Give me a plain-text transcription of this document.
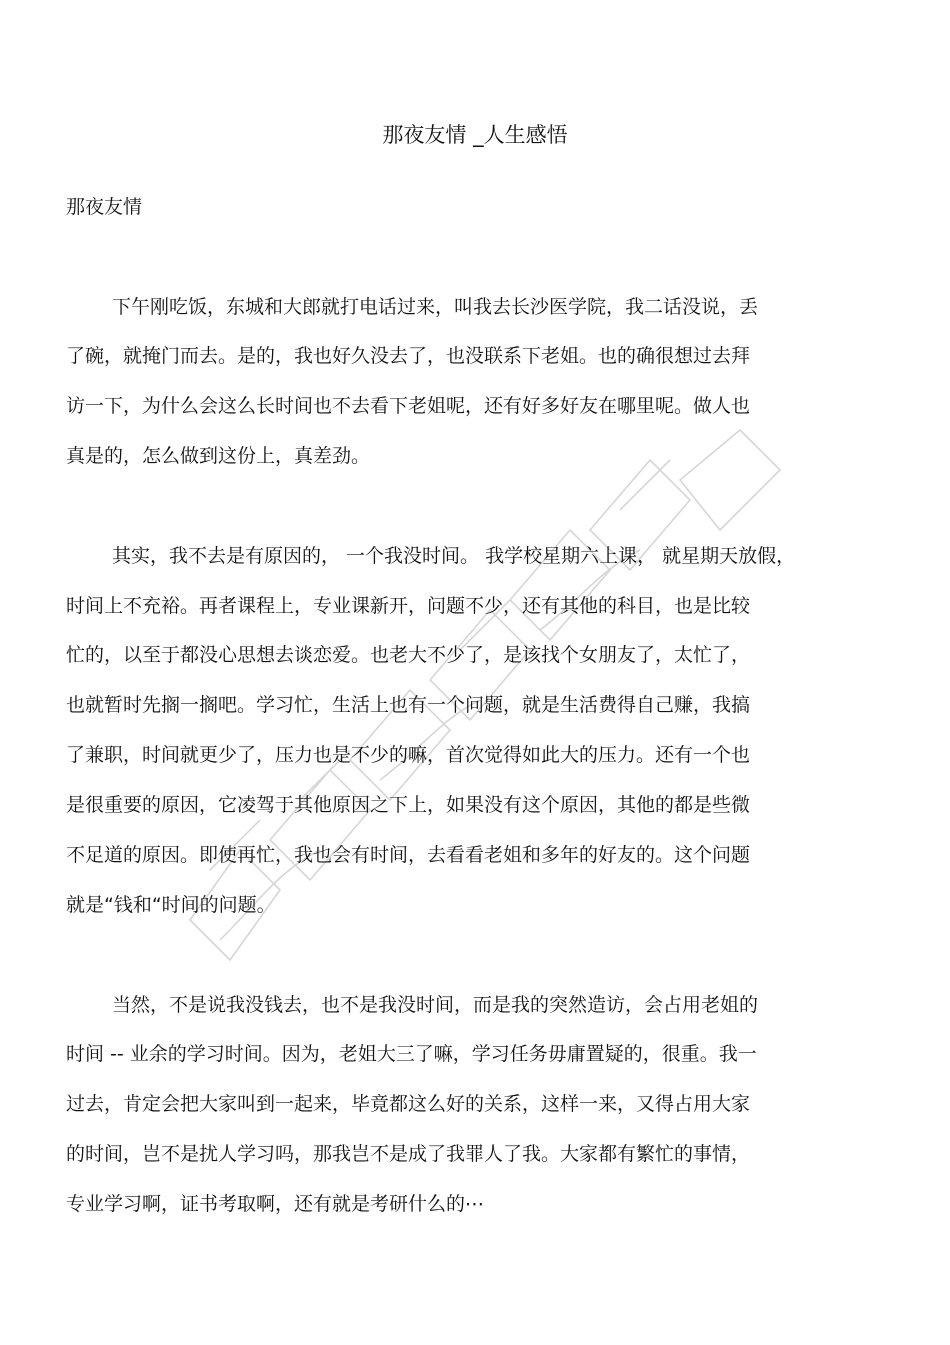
那夜友情 _人生感悟

那夜友情

下午刚吃饭，东城和大郎就打电话过来，叫我去长沙医学院，我二话没说，丢

了碗，就掩门而去。是的，我也好久没去了，也没联系下老姐。也的确很想过去拜

访一下，为什么会这么长时间也不去看下老姐呢，还有好多好友在哪里呢。做人也

真是的，怎么做到这份上，真差劲。

其实，我不去是有原因的， 一个我没时间。 我学校星期六上课， 就星期天放假，

时间上不充裕。再者课程上，专业课新开，问题不少，还有其他的科目，也是比较

忙的，以至于都没心思想去谈恋爱。也老大不少了，是该找个女朋友了，太忙了，

也就暂时先搁一搁吧。学习忙，生活上也有一个问题，就是生活费得自己赚，我搞

了兼职，时间就更少了，压力也是不少的嘛，首次觉得如此大的压力。还有一个也

是很重要的原因，它凌驾于其他原因之下上，如果没有这个原因，其他的都是些微

不足道的原因。即使再忙，我也会有时间，去看看老姐和多年的好友的。这个问题

就是“钱和“时间的问题。

当然，不是说我没钱去，也不是我没时间，而是我的突然造访，会占用老姐的

时间 -- 业余的学习时间。因为，老姐大三了嘛，学习任务毋庸置疑的，很重。我一

过去，肯定会把大家叫到一起来，毕竟都这么好的关系，这样一来，又得占用大家

的时间，岂不是扰人学习吗，那我岂不是成了我罪人了我。大家都有繁忙的事情，

专业学习啊，证书考取啊，还有就是考研什么的⋯
